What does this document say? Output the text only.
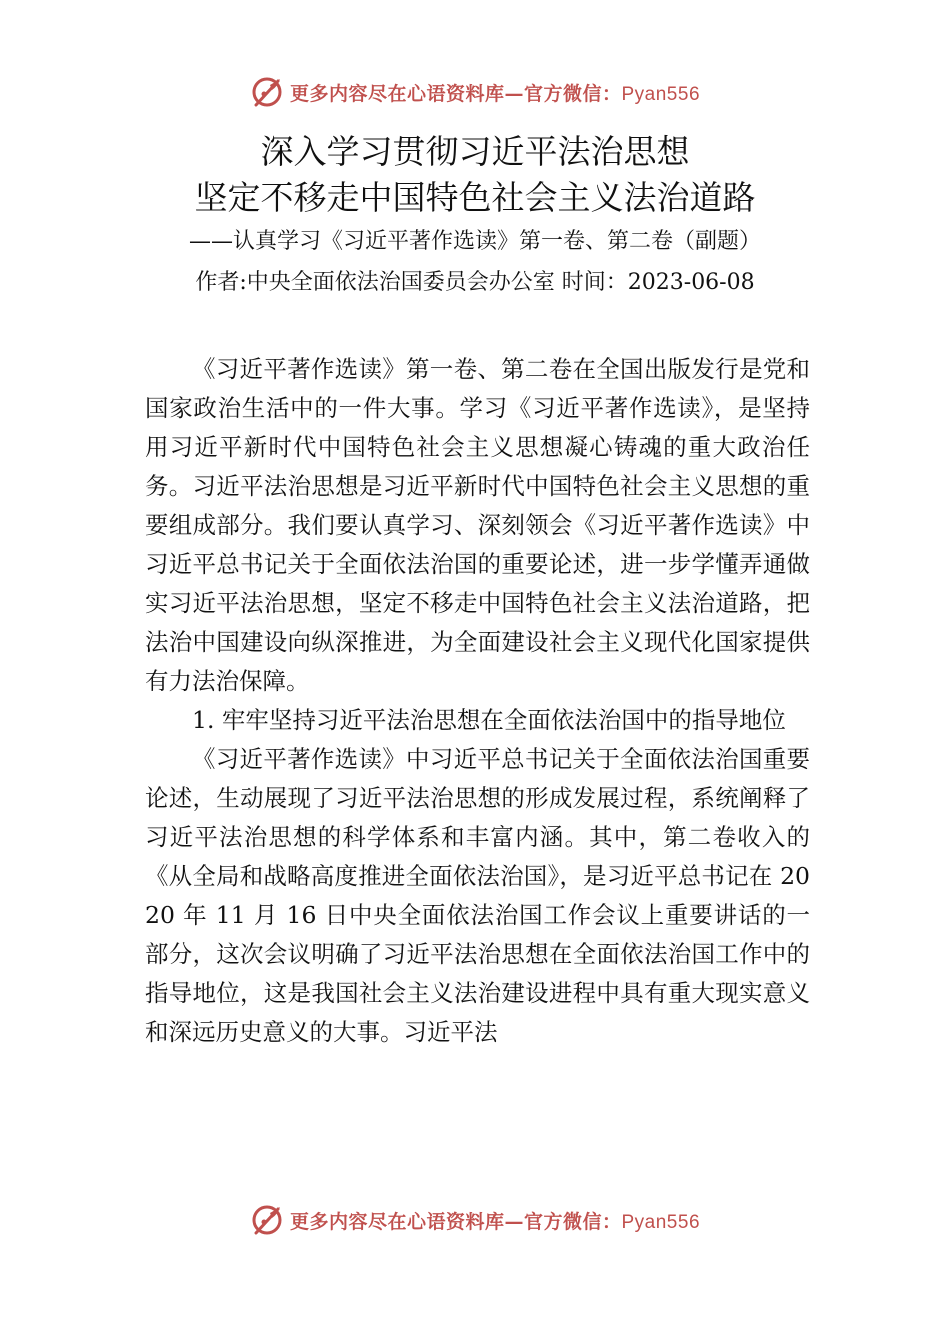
更多内容尽在心语资料库—官方微信：Pyan556
深入学习贯彻习近平法治思想
坚定不移走中国特色社会主义法治道路
——认真学习《习近平著作选读》第一卷、第二卷（副题）
作者:中央全面依法治国委员会办公室 时间：2023-06-08

《习近平著作选读》第一卷、第二卷在全国出版发行是党和国家政治生活中的一件大事。学习《习近平著作选读》，是坚持用习近平新时代中国特色社会主义思想凝心铸魂的重大政治任务。习近平法治思想是习近平新时代中国特色社会主义思想的重要组成部分。我们要认真学习、深刻领会《习近平著作选读》中习近平总书记关于全面依法治国的重要论述，进一步学懂弄通做实习近平法治思想，坚定不移走中国特色社会主义法治道路，把法治中国建设向纵深推进，为全面建设社会主义现代化国家提供有力法治保障。

1. 牢牢坚持习近平法治思想在全面依法治国中的指导地位

《习近平著作选读》中习近平总书记关于全面依法治国重要论述，生动展现了习近平法治思想的形成发展过程，系统阐释了习近平法治思想的科学体系和丰富内涵。其中，第二卷收入的《从全局和战略高度推进全面依法治国》，是习近平总书记在 2020 年 11 月 16 日中央全面依法治国工作会议上重要讲话的一部分，这次会议明确了习近平法治思想在全面依法治国工作中的指导地位，这是我国社会主义法治建设进程中具有重大现实意义和深远历史意义的大事。习近平法

更多内容尽在心语资料库—官方微信：Pyan556
